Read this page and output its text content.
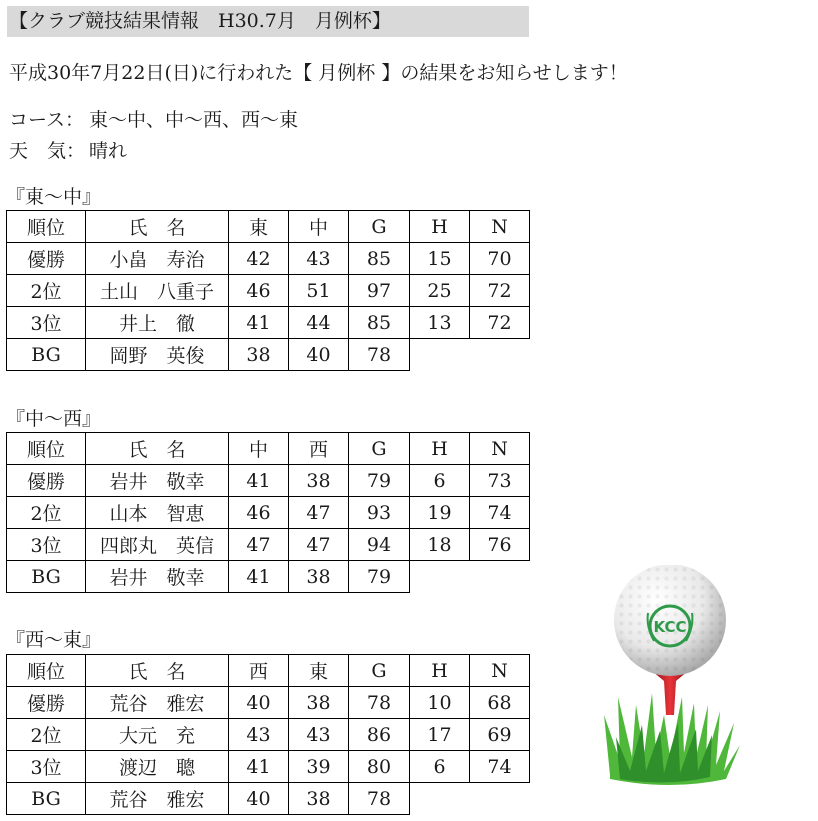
【クラブ競技結果情報　H30.7月　月例杯】
平成30年7月22日(日)に行われた【 月例杯 】の結果をお知らせします！
コース： 東～中、中～西、西～東
天　気： 晴れ
『東～中』
順位	氏　名	東	中	G	H	N
優勝	小畠　寿治	42	43	85	15	70
2位	土山　八重子	46	51	97	25	72
3位	井上　徹	41	44	85	13	72
BG	岡野　英俊	38	40	78		
『中～西』
順位	氏　名	中	西	G	H	N
優勝	岩井　敬幸	41	38	79	6	73
2位	山本　智恵	46	47	93	19	74
3位	四郎丸　英信	47	47	94	18	76
BG	岩井　敬幸	41	38	79		
『西～東』
順位	氏　名	西	東	G	H	N
優勝	荒谷　雅宏	40	38	78	10	68
2位	大元　充	43	43	86	17	69
3位	渡辺　聰	41	39	80	6	74
BG	荒谷　雅宏	40	38	78		
KCC
